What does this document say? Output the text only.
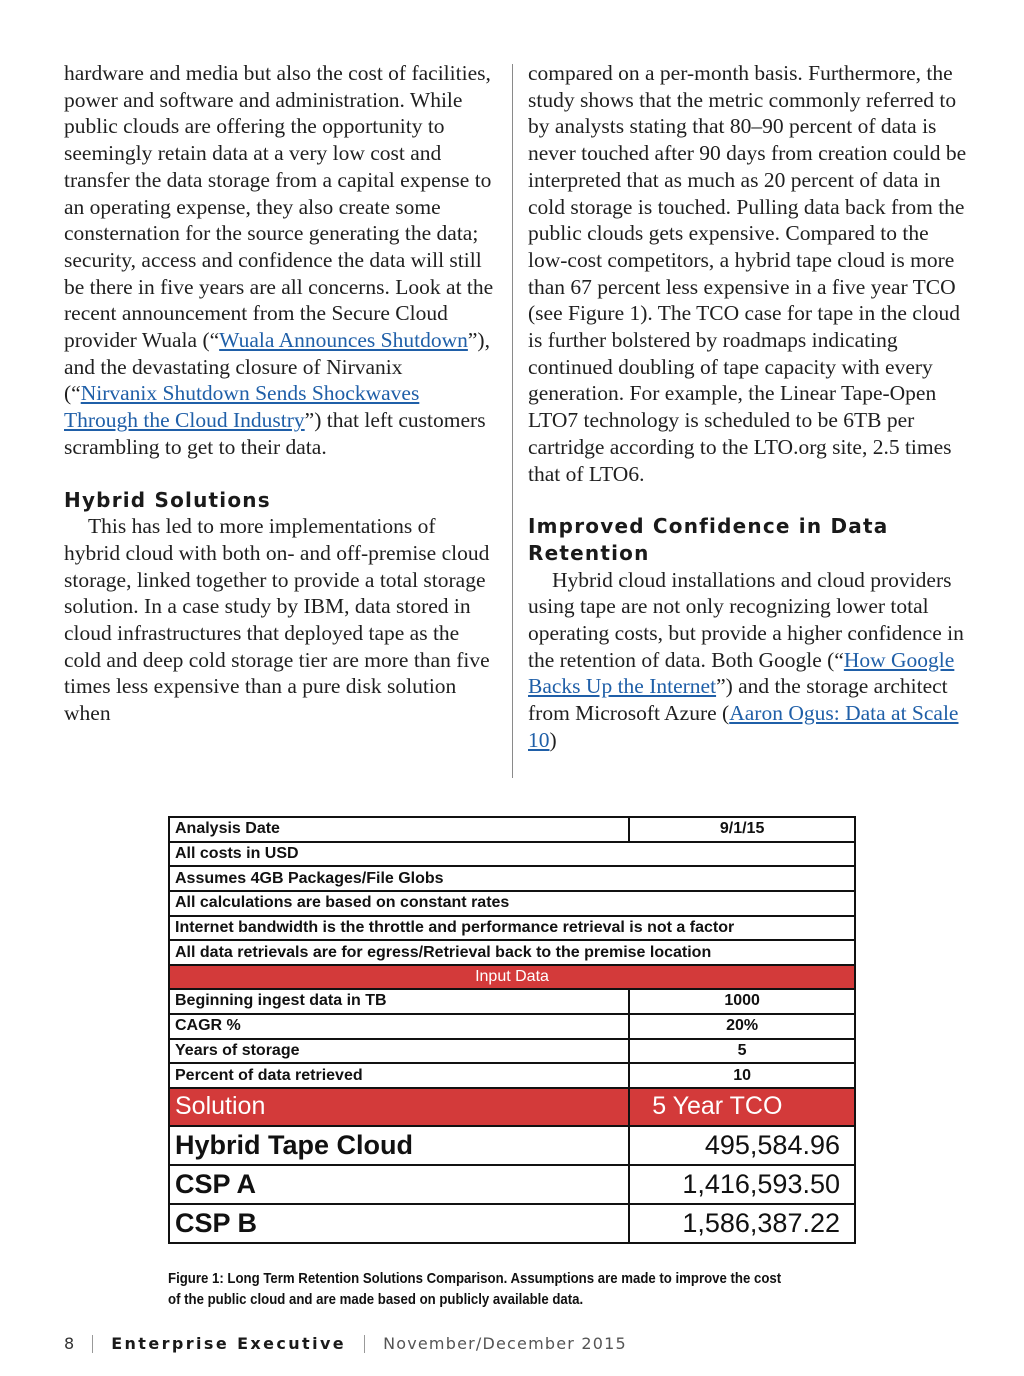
hardware and media but also the cost of facilities, power and software and administration. While public clouds are offering the opportunity to seemingly retain data at a very low cost and transfer the data storage from a capital expense to an operating expense, they also create some consternation for the source generating the data; security, access and confidence the data will still be there in five years are all concerns. Look at the recent announcement from the Secure Cloud provider Wuala (“Wuala Announces Shutdown”), and the devastating closure of Nirvanix (“Nirvanix Shutdown Sends Shockwaves Through the Cloud Industry”) that left customers scrambling to get to their data.

Hybrid Solutions

This has led to more implementations of hybrid cloud with both on- and off-premise cloud storage, linked together to provide a total storage solution. In a case study by IBM, data stored in cloud infrastructures that deployed tape as the cold and deep cold storage tier are more than five times less expensive than a pure disk solution when

compared on a per-month basis. Furthermore, the study shows that the metric commonly referred to by analysts stating that 80–90 percent of data is never touched after 90 days from creation could be interpreted that as much as 20 percent of data in cold storage is touched. Pulling data back from the public clouds gets expensive. Compared to the low-cost competitors, a hybrid tape cloud is more than 67 percent less expensive in a five year TCO (see Figure 1). The TCO case for tape in the cloud is further bolstered by roadmaps indicating continued doubling of tape capacity with every generation. For example, the Linear Tape-Open LTO7 technology is scheduled to be 6TB per cartridge according to the LTO.org site, 2.5 times that of LTO6.

Improved Confidence in Data Retention

Hybrid cloud installations and cloud providers using tape are not only recognizing lower total operating costs, but provide a higher confidence in the retention of data. Both Google (“How Google Backs Up the Internet”) and the storage architect from Microsoft Azure (Aaron Ogus: Data at Scale 10)

Analysis Date	9/1/15
All costs in USD	
Assumes 4GB Packages/File Globs	
All calculations are based on constant rates	
Internet bandwidth is the throttle and performance retrieval is not a factor	
All data retrievals are for egress/Retrieval back to the premise location	
Input Data	
Beginning ingest data in TB	1000
CAGR %	20%
Years of storage	5
Percent of data retrieved	10
Solution	5 Year TCO
Hybrid Tape Cloud	495,584.96
CSP A	1,416,593.50
CSP B	1,586,387.22
Figure 1: Long Term Retention Solutions Comparison. Assumptions are made to improve the cost of the public cloud and are made based on publicly available data.
8 Enterprise Executive November/December 2015
